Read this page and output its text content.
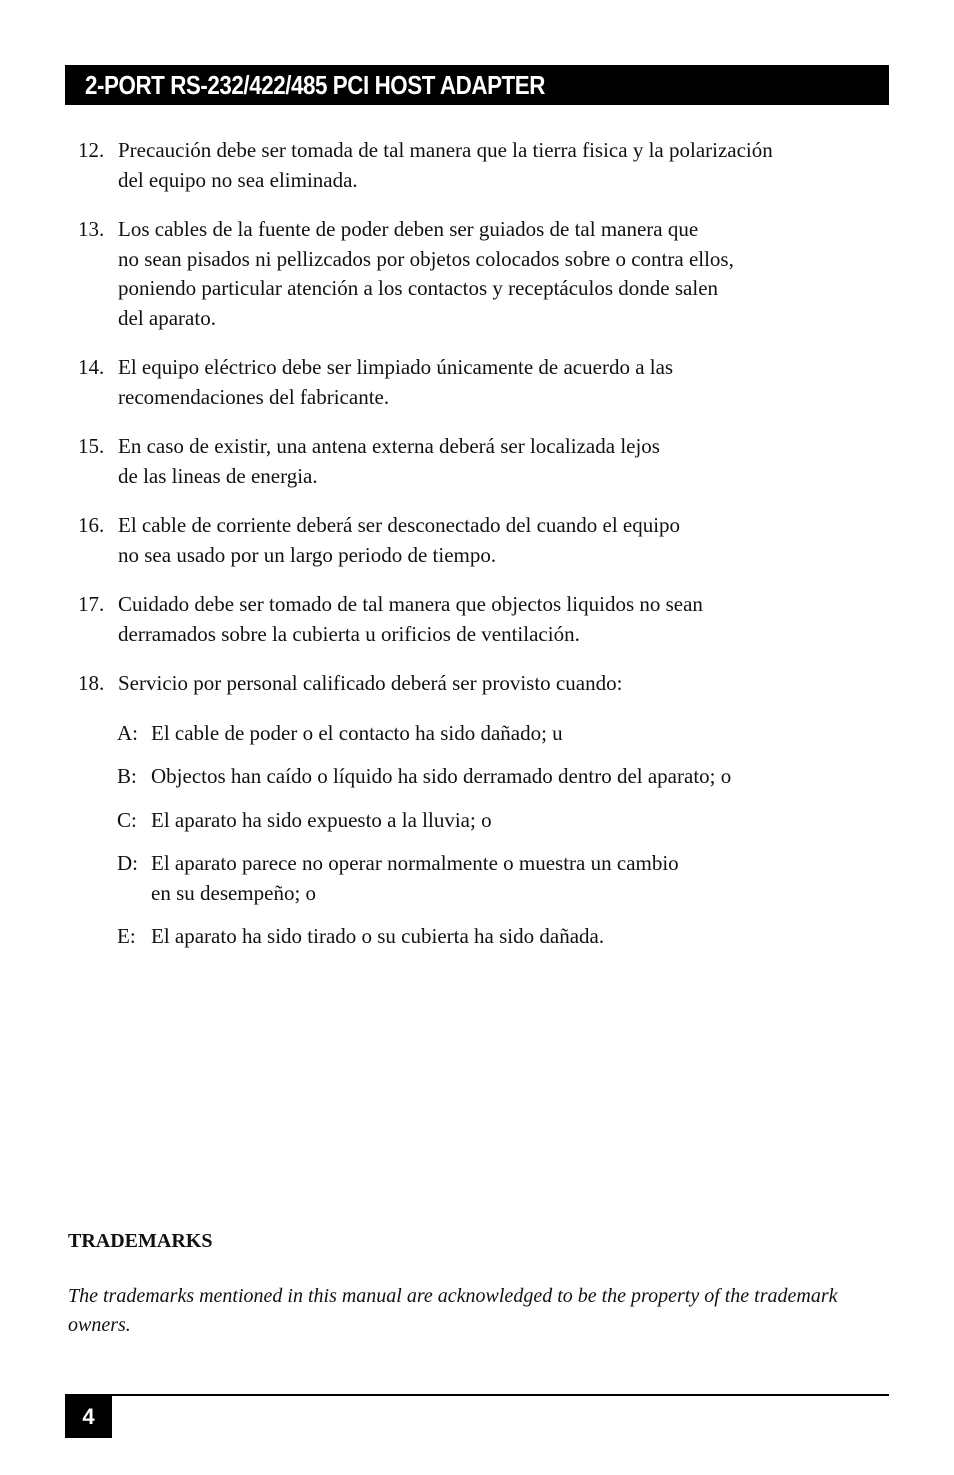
2-PORT RS-232/422/485 PCI HOST ADAPTER
12. Precaución debe ser tomada de tal manera que la tierra fisica y la polarización
del equipo no sea eliminada.
13. Los cables de la fuente de poder deben ser guiados de tal manera que
no sean pisados ni pellizcados por objetos colocados sobre o contra ellos,
poniendo particular atención a los contactos y receptáculos donde salen
del aparato.
14. El equipo eléctrico debe ser limpiado únicamente de acuerdo a las
recomendaciones del fabricante.
15. En caso de existir, una antena externa deberá ser localizada lejos
de las lineas de energia.
16. El cable de corriente deberá ser desconectado del cuando el equipo
no sea usado por un largo periodo de tiempo.
17. Cuidado debe ser tomado de tal manera que objectos liquidos no sean
derramados sobre la cubierta u orificios de ventilación.
18. Servicio por personal calificado deberá ser provisto cuando:
A: El cable de poder o el contacto ha sido dañado; u
B: Objectos han caído o líquido ha sido derramado dentro del aparato; o
C: El aparato ha sido expuesto a la lluvia; o
D: El aparato parece no operar normalmente o muestra un cambio
en su desempeño; o
E: El aparato ha sido tirado o su cubierta ha sido dañada.
TRADEMARKS
The trademarks mentioned in this manual are acknowledged to be the property of the trademark owners.
4
